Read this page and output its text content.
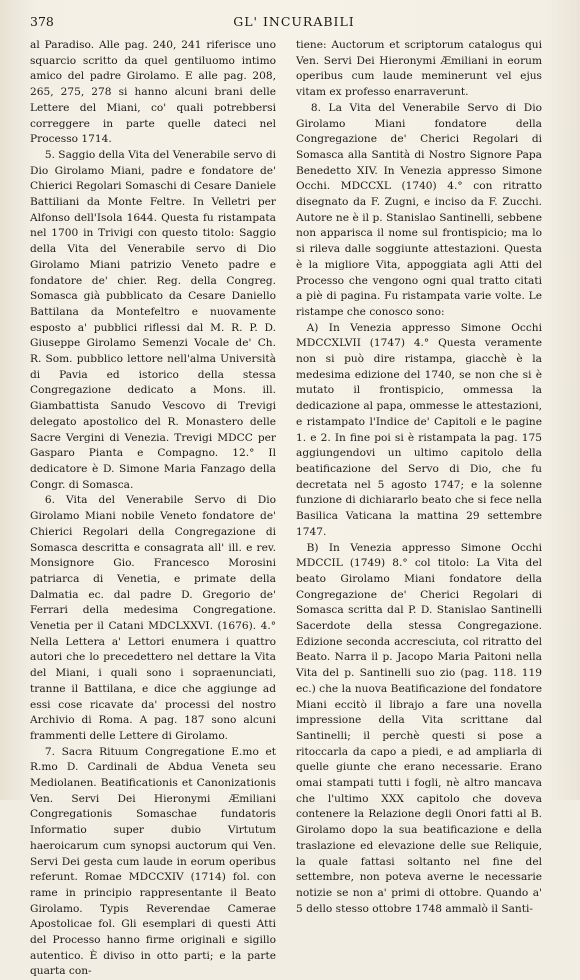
378	GL' INCURABILI

al Paradiso. Alle pag. 240, 241 riferisce uno squarcio scritto da quel gentiluomo intimo amico del padre Girolamo. E alle pag. 208, 265, 275, 278 si hanno alcuni brani delle Lettere del Miani, co' quali potrebbersi correggere in parte quelle dateci nel Processo 1714.

5. Saggio della Vita del Venerabile servo di Dio Girolamo Miani, padre e fondatore de' Chierici Regolari Somaschi di Cesare Daniele Battiliani da Monte Feltre. In Velletri per Alfonso dell'Isola 1644. Questa fu ristampata nel 1700 in Trivigi con questo titolo: Saggio della Vita del Venerabile servo di Dio Girolamo Miani patrizio Veneto padre e fondatore de' chier. Reg. della Congreg. Somasca già pubblicato da Cesare Daniello Battilana da Montefeltro e nuovamente esposto a' pubblici riflessi dal M. R. P. D. Giuseppe Girolamo Semenzi Vocale de' Ch. R. Som. pubblico lettore nell'alma Università di Pavia ed istorico della stessa Congregazione dedicato a Mons. ill. Giambattista Sanudo Vescovo di Trevigi delegato apostolico del R. Monastero delle Sacre Vergini di Venezia. Trevigi MDCC per Gasparo Pianta e Compagno. 12.° Il dedicatore è D. Simone Maria Fanzago della Congr. di Somasca.

6. Vita del Venerabile Servo di Dio Girolamo Miani nobile Veneto fondatore de' Chierici Regolari della Congregazione di Somasca descritta e consagrata all' ill. e rev. Monsignore Gio. Francesco Morosini patriarca di Venetia, e primate della Dalmatia ec. dal padre D. Gregorio de' Ferrari della medesima Congregatione. Venetia per il Catani MDCLXXVI. (1676). 4.° Nella Lettera a' Lettori enumera i quattro autori che lo precedettero nel dettare la Vita del Miani, i quali sono i sopraenunciati, tranne il Battilana, e dice che aggiunge ad essi cose ricavate da' processi del nostro Archivio di Roma. A pag. 187 sono alcuni frammenti delle Lettere di Girolamo.

7. Sacra Rituum Congregatione E.mo et R.mo D. Cardinali de Abdua Veneta seu Mediolanen. Beatificationis et Canonizationis Ven. Servi Dei Hieronymi Æmiliani Congregationis Somaschae fundatoris Informatio super dubio Virtutum haeroicarum cum synopsi auctorum qui Ven. Servi Dei gesta cum laude in eorum operibus referunt. Romae MDCCXIV (1714) fol. con rame in principio rappresentante il Beato Girolamo. Typis Reverendae Camerae Apostolicae fol. Gli esemplari di questi Atti del Processo hanno firme originali e sigillo autentico. È diviso in otto parti; e la parte quarta con-

tiene: Auctorum et scriptorum catalogus qui Ven. Servi Dei Hieronymi Æmiliani in eorum operibus cum laude meminerunt vel ejus vitam ex professo enarraverunt.

8. La Vita del Venerabile Servo di Dio Girolamo Miani fondatore della Congregazione de' Cherici Regolari di Somasca alla Santità di Nostro Signore Papa Benedetto XIV. In Venezia appresso Simone Occhi. MDCCXL (1740) 4.° con ritratto disegnato da F. Zugni, e inciso da F. Zucchi. Autore ne è il p. Stanislao Santinelli, sebbene non apparisca il nome sul frontispicio; ma lo si rileva dalle soggiunte attestazioni. Questa è la migliore Vita, appoggiata agli Atti del Processo che vengono ogni qual tratto citati a piè di pagina. Fu ristampata varie volte. Le ristampe che conosco sono:

A) In Venezia appresso Simone Occhi MDCCXLVII (1747) 4.° Questa veramente non si può dire ristampa, giacchè è la medesima edizione del 1740, se non che si è mutato il frontispicio, ommessa la dedicazione al papa, ommesse le attestazioni, e ristampato l'Indice de' Capitoli e le pagine 1. e 2. In fine poi si è ristampata la pag. 175 aggiungendovi un ultimo capitolo della beatificazione del Servo di Dio, che fu decretata nel 5 agosto 1747; e la solenne funzione di dichiararlo beato che si fece nella Basilica Vaticana la mattina 29 settembre 1747.

B) In Venezia appresso Simone Occhi MDCCIL (1749) 8.° col titolo: La Vita del beato Girolamo Miani fondatore della Congregazione de' Cherici Regolari di Somasca scritta dal P. D. Stanislao Santinelli Sacerdote della stessa Congregazione. Edizione seconda accresciuta, col ritratto del Beato. Narra il p. Jacopo Maria Paitoni nella Vita del p. Santinelli suo zio (pag. 118. 119 ec.) che la nuova Beatificazione del fondatore Miani eccitò il librajo a fare una novella impressione della Vita scrittane dal Santinelli; il perchè questi si pose a ritoccarla da capo a piedi, e ad ampliarla di quelle giunte che erano necessarie. Erano omai stampati tutti i fogli, nè altro mancava che l'ultimo XXX capitolo che doveva contenere la Relazione degli Onori fatti al B. Girolamo dopo la sua beatificazione e della traslazione ed elevazione delle sue Reliquie, la quale fattasi soltanto nel fine del settembre, non poteva averne le necessarie notizie se non a' primi di ottobre. Quando a' 5 dello stesso ottobre 1748 ammalò il Santi-
